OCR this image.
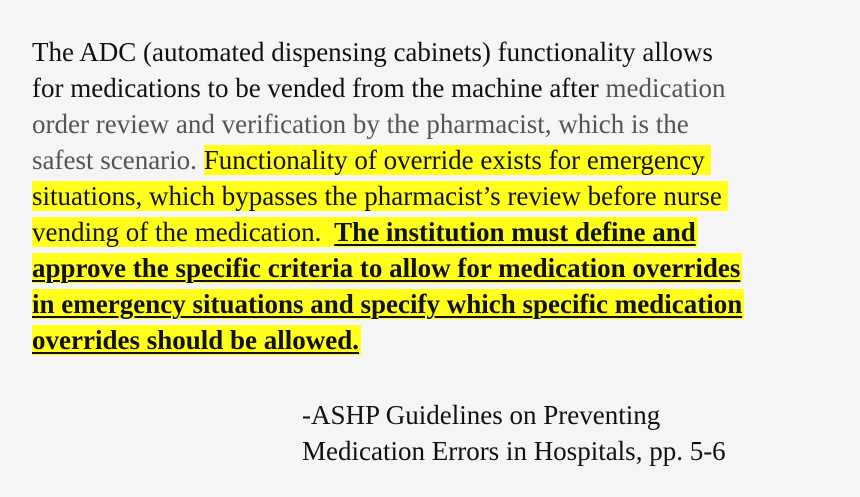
The ADC (automated dispensing cabinets) functionality allows
for medications to be vended from the machine after medication
order review and verification by the pharmacist, which is the
safest scenario. Functionality of override exists for emergency
situations, which bypasses the pharmacist’s review before nurse
vending of the medication. The institution must define and
approve the specific criteria to allow for medication overrides
in emergency situations and specify which specific medication
overrides should be allowed.
-ASHP Guidelines on Preventing
Medication Errors in Hospitals, pp. 5-6
